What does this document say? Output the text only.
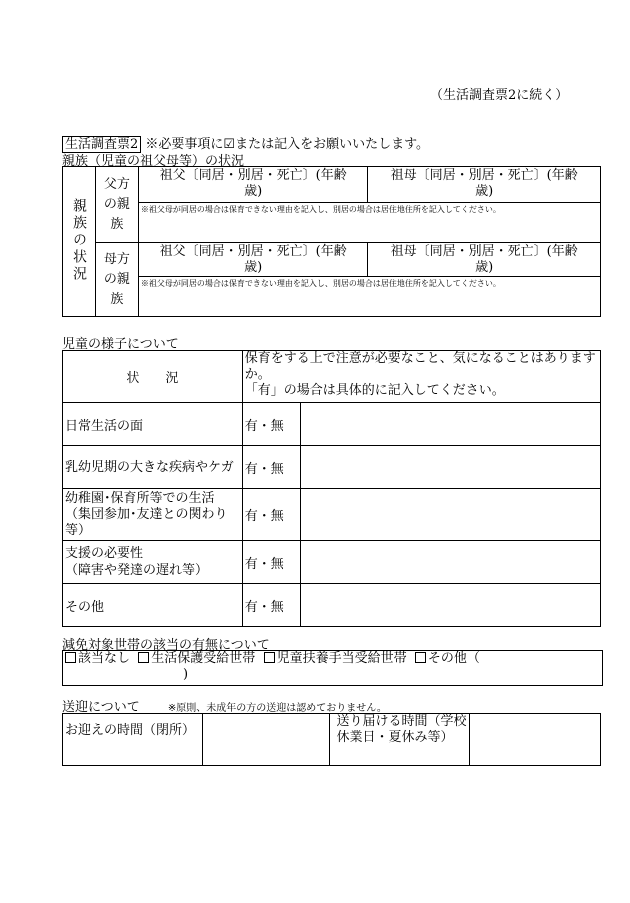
（生活調査票2に続く）
生活調査票2 ※必要事項に☑または記入をお願いいたします。
親族（児童の祖父母等）の状況
親族の状況	父方の親族	祖父〔同居・別居・死亡〕(年齢　　歳)	祖母〔同居・別居・死亡〕(年齢　　歳)
		※祖父母が同居の場合は保育できない理由を記入し、別居の場合は居住地住所を記入してください。	
	母方の親族	祖父〔同居・別居・死亡〕(年齢　　歳)	祖母〔同居・別居・死亡〕(年齢　　歳)
		※祖父母が同居の場合は保育できない理由を記入し、別居の場合は居住地住所を記入してください。	
児童の様子について
状　　況	保育をする上で注意が必要なこと、気になることはありますか。
「有」の場合は具体的に記入してください。	
日常生活の面	有・無	
乳幼児期の大きな疾病やケガ	有・無	
幼稚園･保育所等での生活（集団参加･友達との関わり等）	有・無	
支援の必要性
（障害や発達の遅れ等）	有・無	
その他	有・無	
減免対象世帯の該当の有無について
該当なし 生活保護受給世帯 児童扶養手当受給世帯 その他（
)
送迎について	※原則、未成年の方の送迎は認めておりません。
お迎えの時間（閉所）		送り届ける時間（学校休業日・夏休み等）	
